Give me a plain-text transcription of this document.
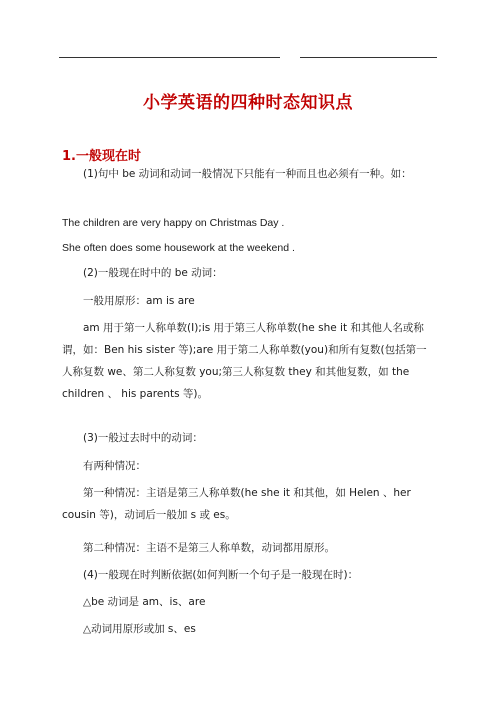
小学英语的四种时态知识点
1.一般现在时
(1)句中 be 动词和动词一般情况下只能有一种而且也必须有一种。如：
The children are very happy on Christmas Day .
She often does some housework at the weekend .
(2)一般现在时中的 be 动词：
一般用原形：am is are
am 用于第一人称单数(I);is 用于第三人称单数(he she it 和其他人名或称谓，如：Ben his sister 等);are 用于第二人称单数(you)和所有复数(包括第一人称复数 we、第二人称复数 you;第三人称复数 they 和其他复数，如 the children 、 his parents 等)。
(3)一般过去时中的动词：
有两种情况：
第一种情况：主语是第三人称单数(he she it 和其他，如 Helen 、her cousin 等)，动词后一般加 s 或 es。
第二种情况：主语不是第三人称单数，动词都用原形。
(4)一般现在时判断依据(如何判断一个句子是一般现在时)：
△be 动词是 am、is、are
△动词用原形或加 s、es
